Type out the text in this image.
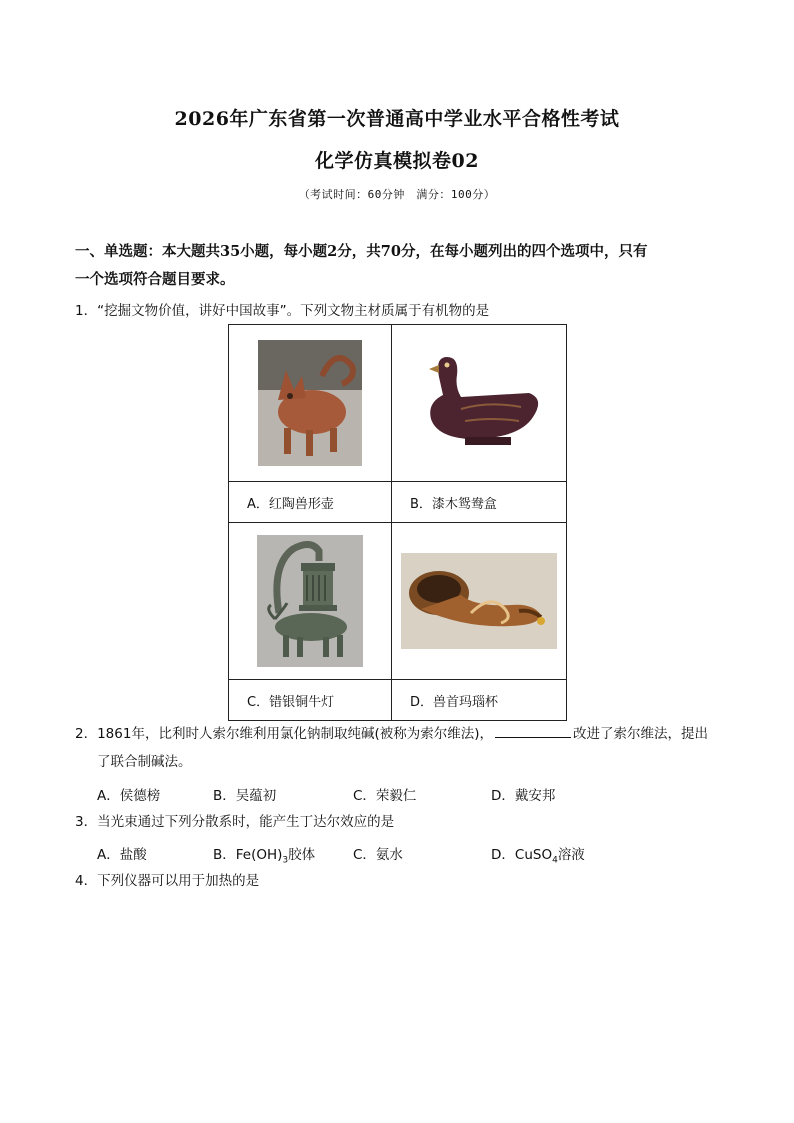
2026年广东省第一次普通高中学业水平合格性考试
化学仿真模拟卷02
（考试时间：60分钟　满分：100分）
一、单选题：本大题共35小题，每小题2分，共70分，在每小题列出的四个选项中，只有
一个选项符合题目要求。
1．“挖掘文物价值，讲好中国故事”。下列文物主材质属于有机物的是

A．红陶兽形壶	B．漆木鸳鸯盒

C．错银铜牛灯	D．兽首玛瑙杯
2．1861年，比利时人索尔维利用氯化钠制取纯碱(被称为索尔维法)，	改进了索尔维法，提出
了联合制碱法。
A．侯德榜	B．吴蕴初	C．荣毅仁	D．戴安邦
3．当光束通过下列分散系时，能产生丁达尔效应的是
A．盐酸	B．$Fe(OH)_3$胶体	C．氨水	D．CuSO$_4$溶液
4．下列仪器可以用于加热的是
